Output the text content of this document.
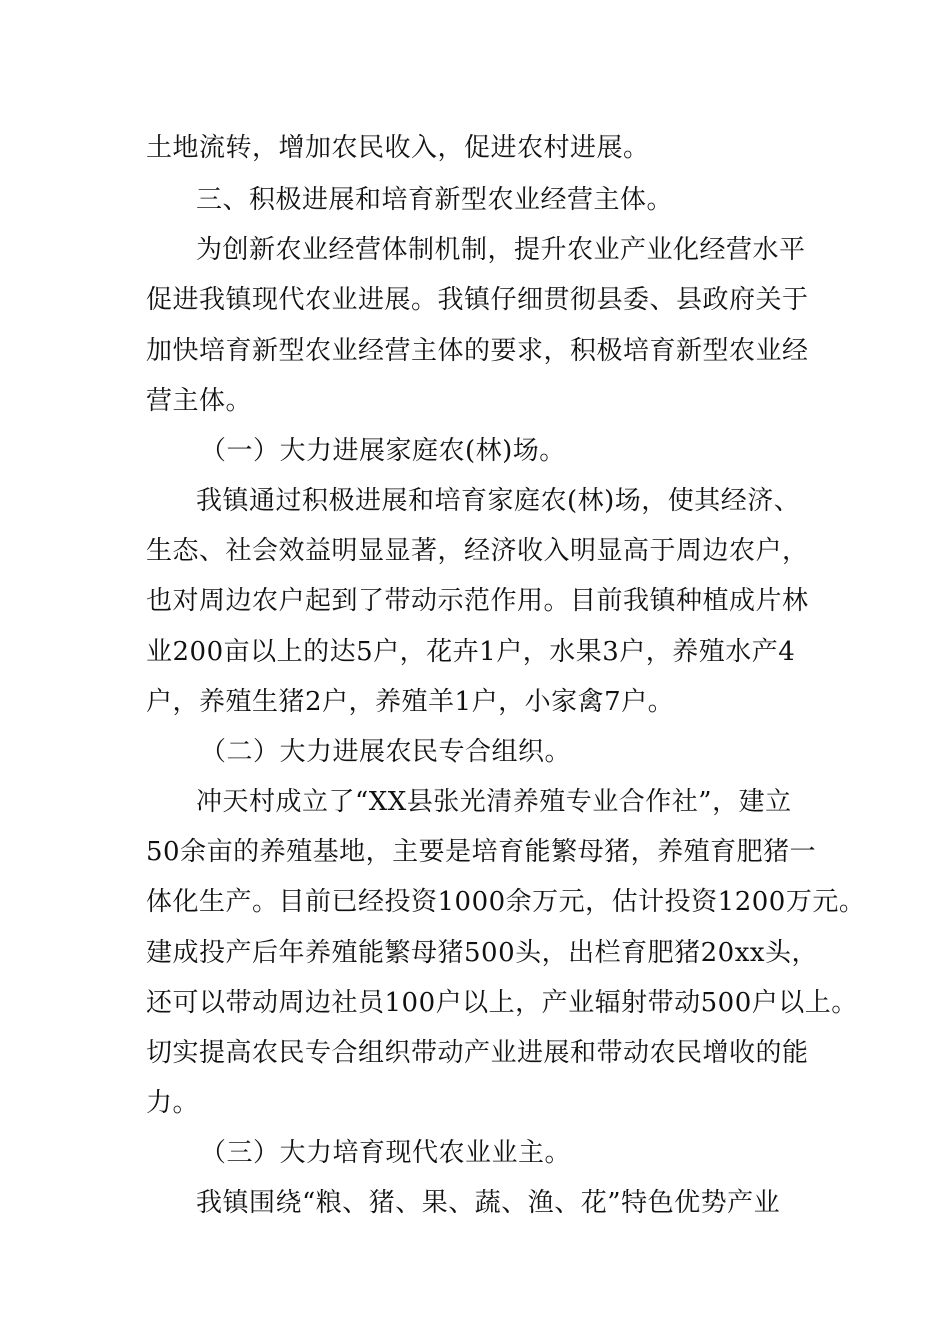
土地流转，增加农民收入，促进农村进展。
三、积极进展和培育新型农业经营主体。
为创新农业经营体制机制，提升农业产业化经营水平
促进我镇现代农业进展。我镇仔细贯彻县委、县政府关于
加快培育新型农业经营主体的要求，积极培育新型农业经
营主体。
（一）大力进展家庭农(林)场。
我镇通过积极进展和培育家庭农(林)场，使其经济、
生态、社会效益明显显著，经济收入明显高于周边农户，
也对周边农户起到了带动示范作用。目前我镇种植成片林
业200亩以上的达5户，花卉1户，水果3户，养殖水产4
户，养殖生猪2户，养殖羊1户，小家禽7户。
（二）大力进展农民专合组织。
冲天村成立了“XX县张光清养殖专业合作社”，建立
50余亩的养殖基地，主要是培育能繁母猪，养殖育肥猪一
体化生产。目前已经投资1000余万元，估计投资1200万元。
建成投产后年养殖能繁母猪500头，出栏育肥猪20xx头，
还可以带动周边社员100户以上，产业辐射带动500户以上。
切实提高农民专合组织带动产业进展和带动农民增收的能
力。
（三）大力培育现代农业业主。
我镇围绕“粮、猪、果、蔬、渔、花”特色优势产业
